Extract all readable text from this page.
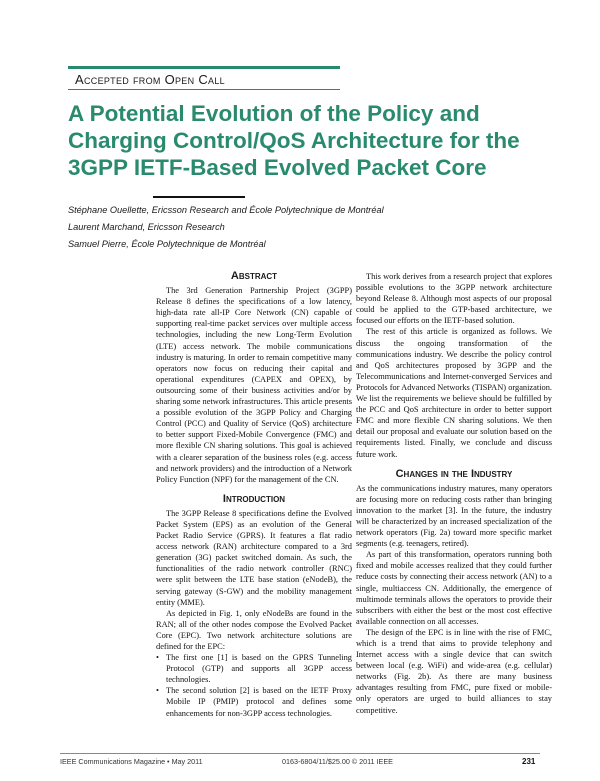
Accepted from Open Call
A Potential Evolution of the Policy and Charging Control/QoS Architecture for the 3GPP IETF-Based Evolved Packet Core
Stéphane Ouellette, Ericsson Research and École Polytechnique de Montréal
Laurent Marchand, Ericsson Research
Samuel Pierre, École Polytechnique de Montréal
Abstract

The 3rd Generation Partnership Project (3GPP) Release 8 defines the specifications of a low latency, high-data rate all-IP Core Network (CN) capable of supporting real-time packet services over multiple access technologies, including the new Long-Term Evolution (LTE) access network. The mobile communications industry is maturing. In order to remain competitive many operators now focus on reducing their capital and operational expenditures (CAPEX and OPEX), by outsourcing some of their business activities and/or by sharing some network infrastructures. This article presents a possible evolution of the 3GPP Policy and Charging Control (PCC) and Quality of Service (QoS) architecture to better support Fixed-Mobile Convergence (FMC) and more flexible CN sharing solutions. This goal is achieved with a clearer separation of the business roles (e.g. access and network providers) and the introduction of a Network Policy Function (NPF) for the management of the CN.

Introduction

The 3GPP Release 8 specifications define the Evolved Packet System (EPS) as an evolution of the General Packet Radio Service (GPRS). It features a flat radio access network (RAN) architecture compared to a 3rd generation (3G) packet switched domain. As such, the functionalities of the radio network controller (RNC) were split between the LTE base station (eNodeB), the serving gateway (S-GW) and the mobility management entity (MME).

As depicted in Fig. 1, only eNodeBs are found in the RAN; all of the other nodes compose the Evolved Packet Core (EPC). Two network architecture solutions are defined for the EPC:

• The first one [1] is based on the GPRS Tunneling Protocol (GTP) and supports all 3GPP access technologies.
• The second solution [2] is based on the IETF Proxy Mobile IP (PMIP) protocol and defines some enhancements for non-3GPP access technologies.

This work derives from a research project that explores possible evolutions to the 3GPP network architecture beyond Release 8. Although most aspects of our proposal could be applied to the GTP-based architecture, we focused our efforts on the IETF-based solution.

The rest of this article is organized as follows. We discuss the ongoing transformation of the communications industry. We describe the policy control and QoS architectures proposed by 3GPP and the Telecommunications and Internet-converged Services and Protocols for Advanced Networks (TISPAN) organization. We list the requirements we believe should be fulfilled by the PCC and QoS architecture in order to better support FMC and more flexible CN sharing solutions. We then detail our proposal and evaluate our solution based on the requirements listed. Finally, we conclude and discuss future work.

Changes in the Industry

As the communications industry matures, many operators are focusing more on reducing costs rather than bringing innovation to the market [3]. In the future, the industry will be characterized by an increased specialization of the network operators (Fig. 2a) toward more specific market segments (e.g. teenagers, retired).

As part of this transformation, operators running both fixed and mobile accesses realized that they could further reduce costs by connecting their access network (AN) to a single, multiaccess CN. Additionally, the emergence of multimode terminals allows the operators to provide their subscribers with either the best or the most cost effective available connection on all accesses.

The design of the EPC is in line with the rise of FMC, which is a trend that aims to provide telephony and Internet access with a single device that can switch between local (e.g. WiFi) and wide-area (e.g. cellular) networks (Fig. 2b). As there are many business advantages resulting from FMC, pure fixed or mobile-only operators are urged to build alliances to stay competitive.

IEEE Communications Magazine • May 2011	0163-6804/11/$25.00 © 2011 IEEE	231
